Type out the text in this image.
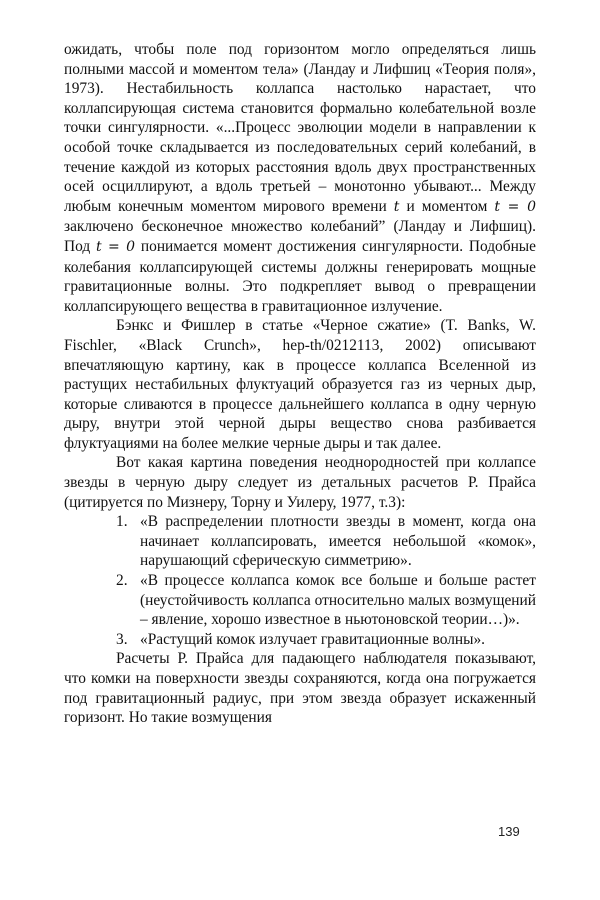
ожидать, чтобы поле под горизонтом могло определяться лишь полными массой и моментом тела» (Ландау и Лифшиц «Теория поля», 1973). Нестабильность коллапса настолько нарастает, что коллапсирующая система становится формально колебательной возле точки сингулярности. «...Процесс эволюции модели в направлении к особой точке складывается из последовательных серий колебаний, в течение каждой из которых расстояния вдоль двух пространственных осей осциллируют, а вдоль третьей – монотонно убывают... Между любым конечным моментом мирового времени t и моментом t = 0 заключено бесконечное множество колебаний” (Ландау и Лифшиц). Под t = 0 понимается момент достижения сингулярности. Подобные колебания коллапсирующей системы должны генерировать мощные гравитационные волны. Это подкрепляет вывод о превращении коллапсирующего вещества в гравитационное излучение.

Бэнкс и Фишлер в статье «Черное сжатие» (T. Banks, W. Fischler, «Black Crunch», hep-th/0212113, 2002) описывают впечатляющую картину, как в процессе коллапса Вселенной из растущих нестабильных флуктуаций образуется газ из черных дыр, которые сливаются в процессе дальнейшего коллапса в одну черную дыру, внутри этой черной дыры вещество снова разбивается флуктуациями на более мелкие черные дыры и так далее.

Вот какая картина поведения неоднородностей при коллапсе звезды в черную дыру следует из детальных расчетов Р. Прайса (цитируется по Мизнеру, Торну и Уилеру, 1977, т.3):

1. «В распределении плотности звезды в момент, когда она начинает коллапсировать, имеется небольшой «комок», нарушающий сферическую симметрию».
2. «В процессе коллапса комок все больше и больше растет (неустойчивость коллапса относительно малых возмущений – явление, хорошо известное в ньютоновской теории…)».
3. «Растущий комок излучает гравитационные волны».

Расчеты Р. Прайса для падающего наблюдателя показывают, что комки на поверхности звезды сохраняются, когда она погружается под гравитационный радиус, при этом звезда образует искаженный горизонт. Но такие возмущения

139
